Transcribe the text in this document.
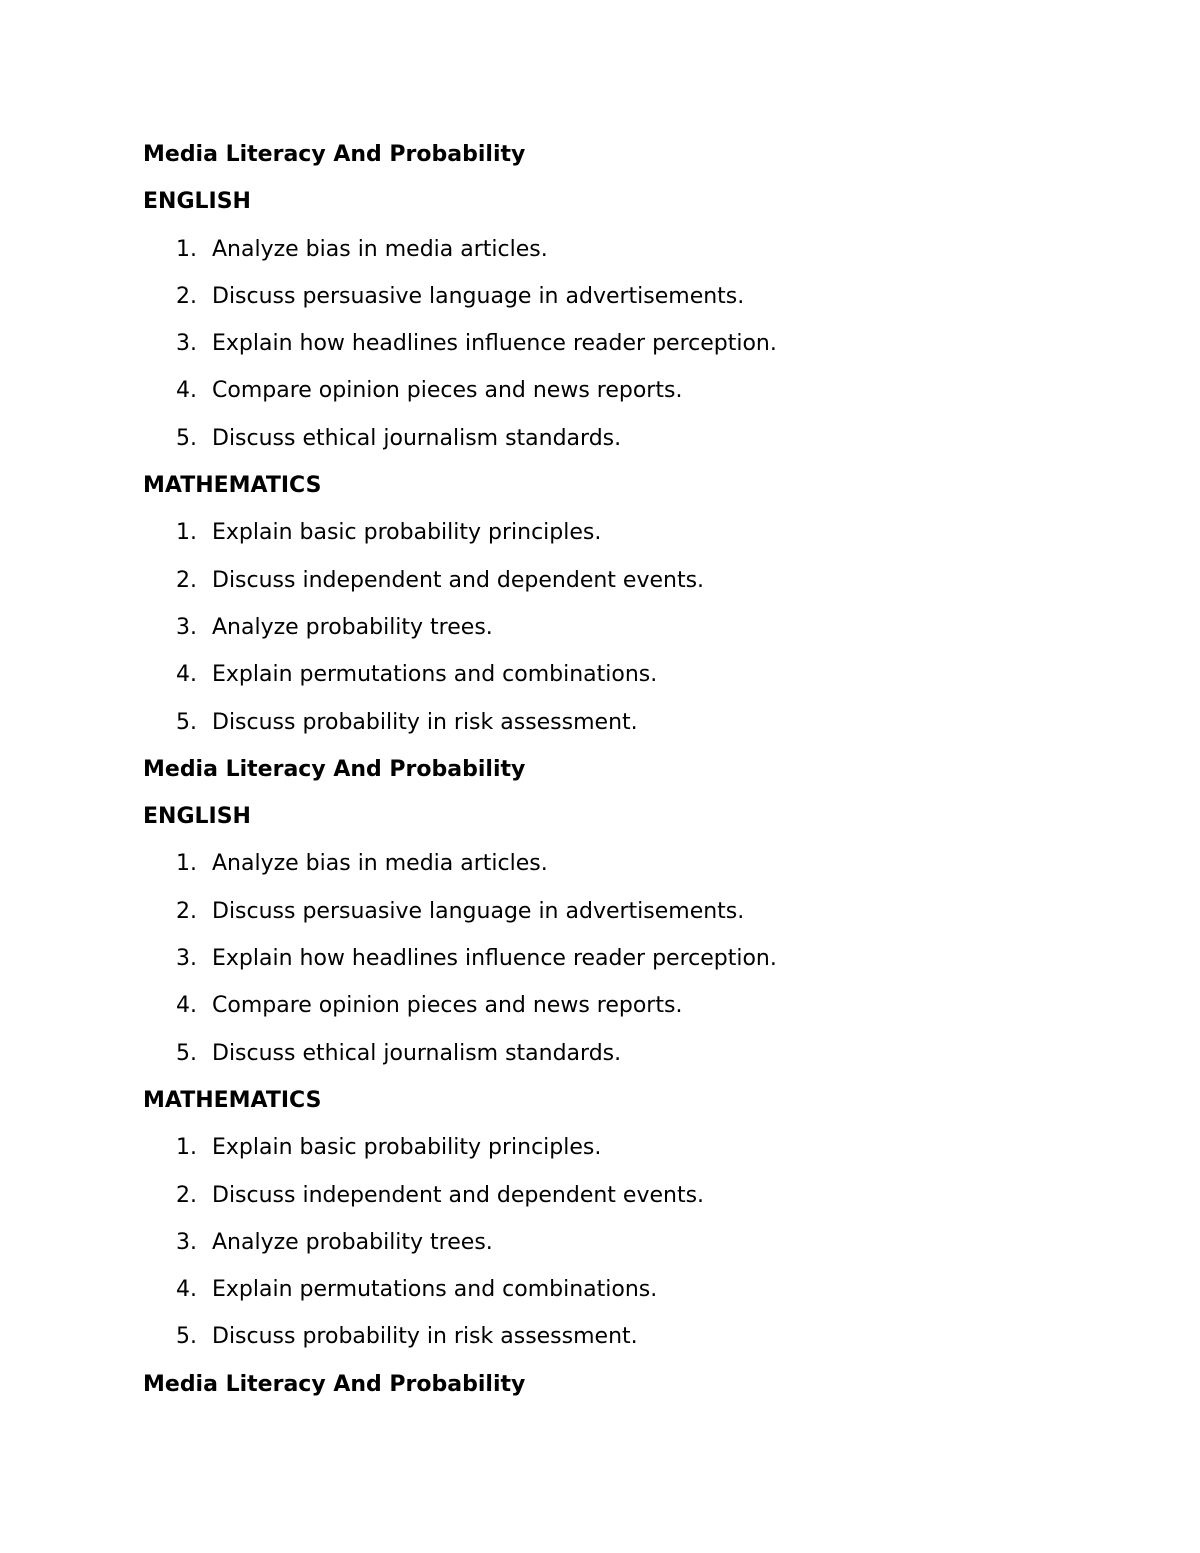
Media Literacy And Probability
ENGLISH
1. Analyze bias in media articles.
2. Discuss persuasive language in advertisements.
3. Explain how headlines influence reader perception.
4. Compare opinion pieces and news reports.
5. Discuss ethical journalism standards.
MATHEMATICS
1. Explain basic probability principles.
2. Discuss independent and dependent events.
3. Analyze probability trees.
4. Explain permutations and combinations.
5. Discuss probability in risk assessment.
Media Literacy And Probability
ENGLISH
1. Analyze bias in media articles.
2. Discuss persuasive language in advertisements.
3. Explain how headlines influence reader perception.
4. Compare opinion pieces and news reports.
5. Discuss ethical journalism standards.
MATHEMATICS
1. Explain basic probability principles.
2. Discuss independent and dependent events.
3. Analyze probability trees.
4. Explain permutations and combinations.
5. Discuss probability in risk assessment.
Media Literacy And Probability
